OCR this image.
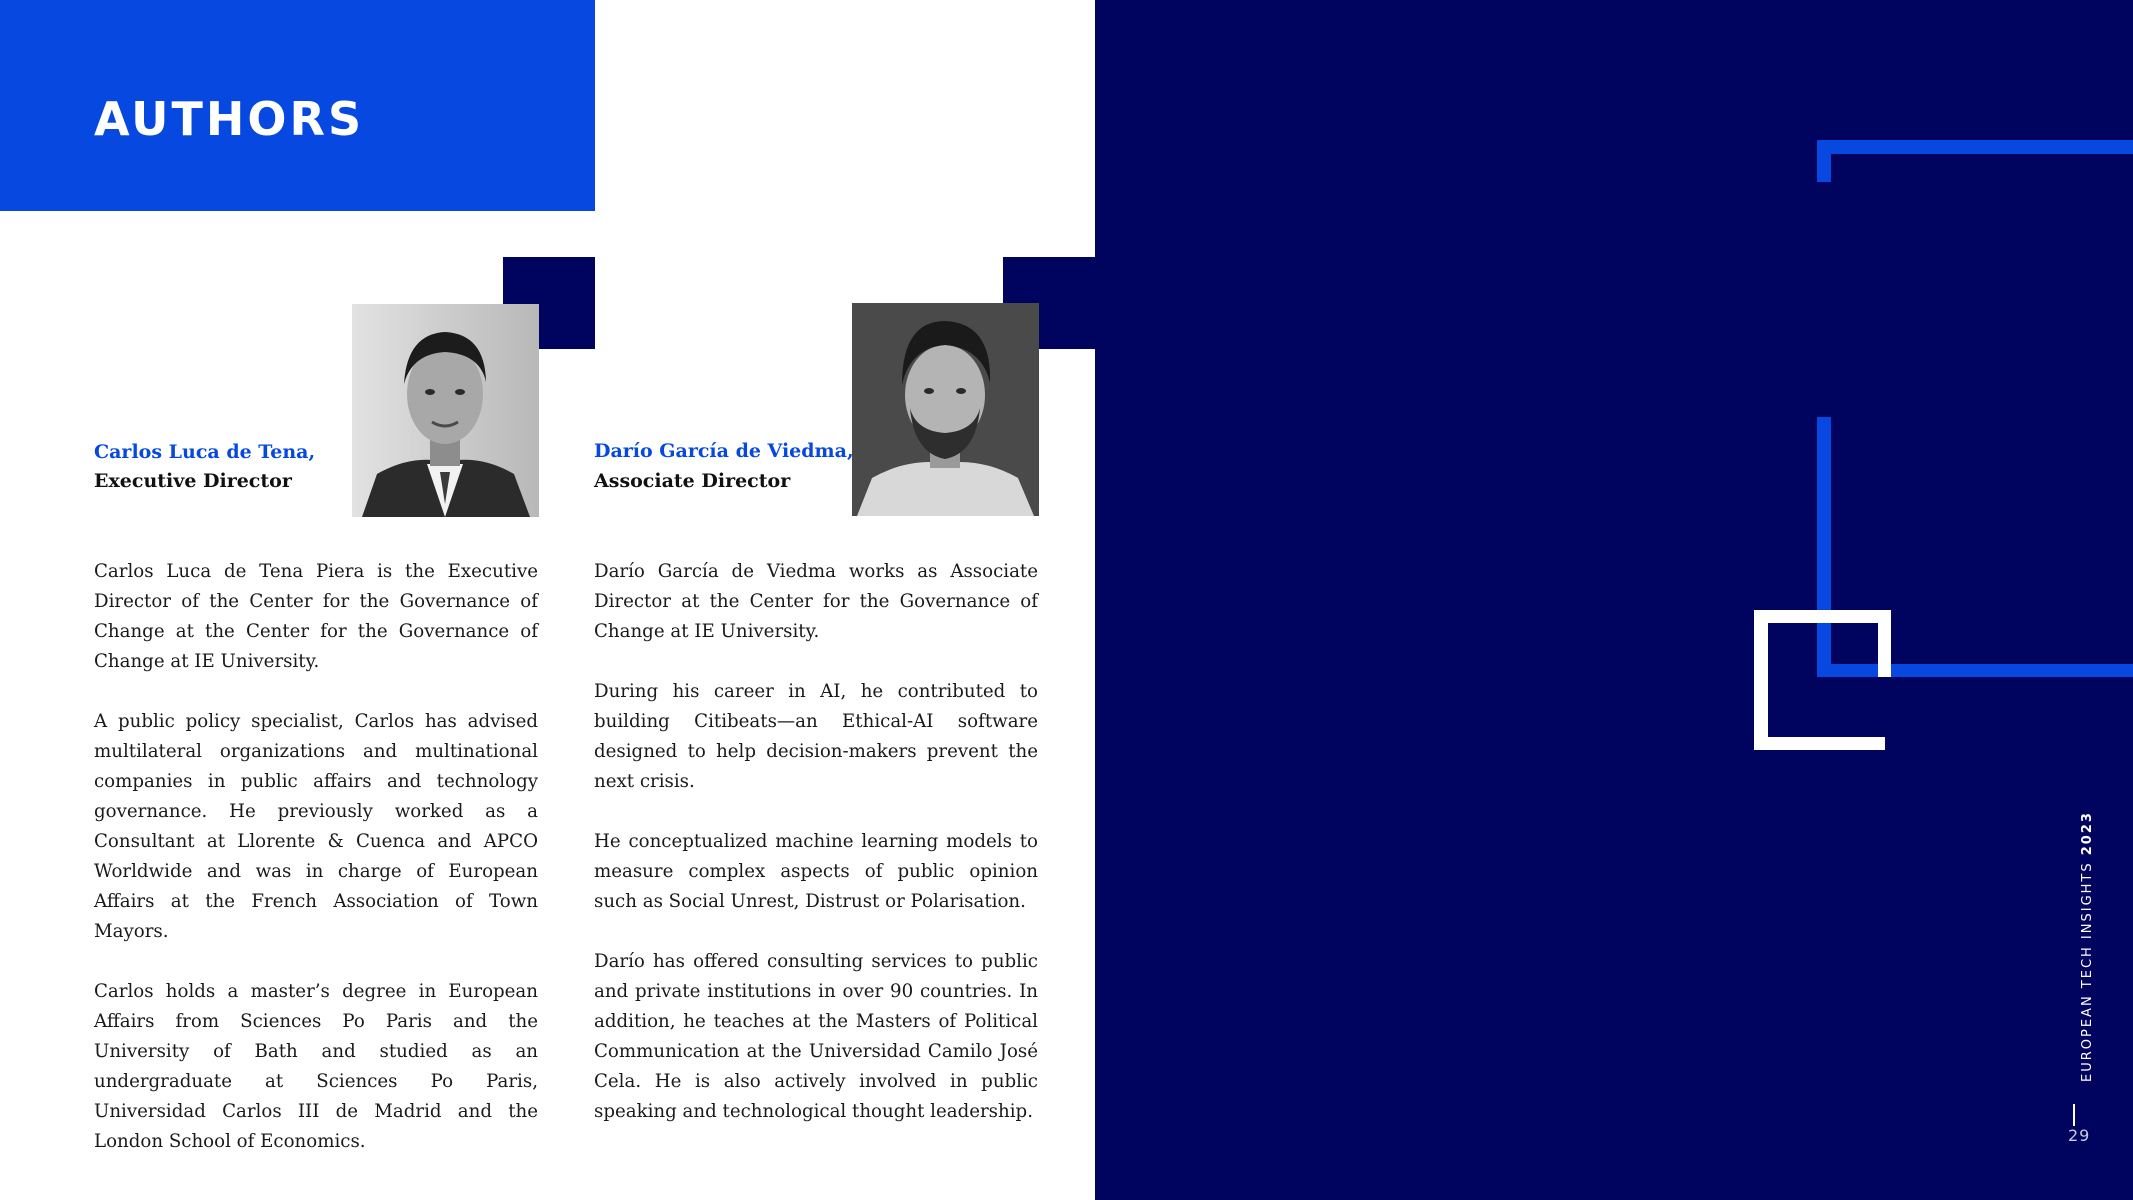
AUTHORS
Carlos Luca de Tena,
Executive Director
Darío García de Viedma,
Associate Director

Carlos Luca de Tena Piera is the Executive Director of the Center for the Governance of Change at the Center for the Governance of Change at IE University.

A public policy specialist, Carlos has advised multilateral organizations and multinational companies in public affairs and technology governance. He previously worked as a Consultant at Llorente & Cuenca and APCO Worldwide and was in charge of European Affairs at the French Association of Town Mayors.

Carlos holds a master’s degree in European Affairs from Sciences Po Paris and the University of Bath and studied as an undergraduate at Sciences Po Paris, Universidad Carlos III de Madrid and the London School of Economics.

Darío García de Viedma works as Associate Director at the Center for the Governance of Change at IE University.

During his career in AI, he contributed to building Citibeats—an Ethical-AI software designed to help decision-makers prevent the next crisis.

He conceptualized machine learning models to measure complex aspects of public opinion such as Social Unrest, Distrust or Polarisation.

Darío has offered consulting services to public and private institutions in over 90 countries. In addition, he teaches at the Masters of Political Communication at the Universidad Camilo José Cela. He is also actively involved in public speaking and technological thought leadership.

EUROPEAN TECH INSIGHTS 2023
29
